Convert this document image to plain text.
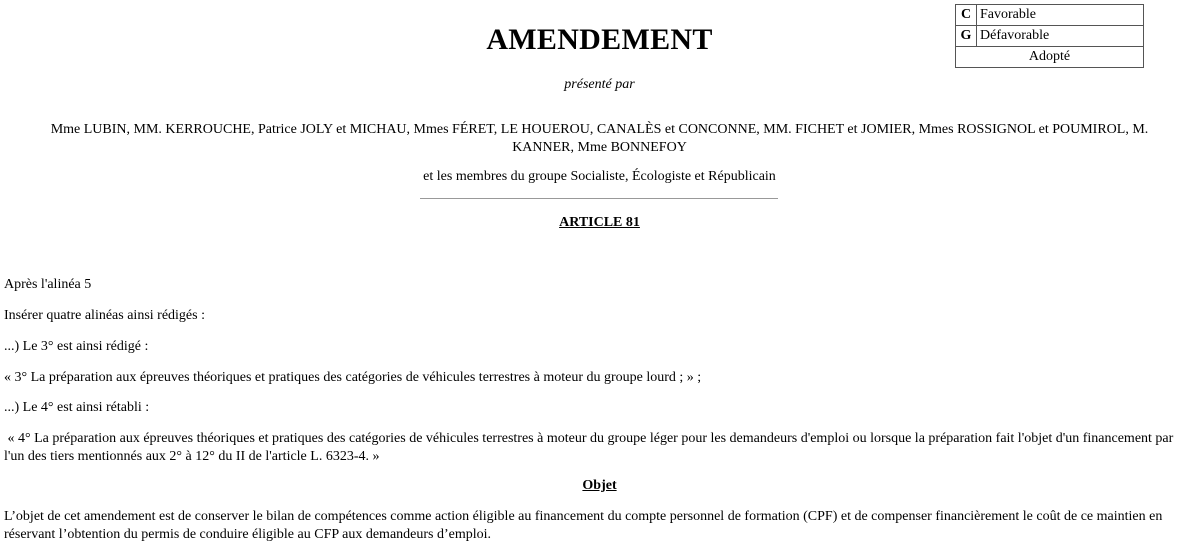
C	Favorable
G	Défavorable
Adopté	
AMENDEMENT
présenté par
Mme LUBIN, MM. KERROUCHE, Patrice JOLY et MICHAU, Mmes FÉRET, LE HOUEROU, CANALÈS et CONCONNE, MM. FICHET et JOMIER, Mmes ROSSIGNOL et POUMIROL, M. KANNER, Mme BONNEFOY
et les membres du groupe Socialiste, Écologiste et Républicain
ARTICLE 81

Après l'alinéa 5

Insérer quatre alinéas ainsi rédigés :

...) Le 3° est ainsi rédigé :

« 3° La préparation aux épreuves théoriques et pratiques des catégories de véhicules terrestres à moteur du groupe lourd ; » ;

...) Le 4° est ainsi rétabli :

« 4° La préparation aux épreuves théoriques et pratiques des catégories de véhicules terrestres à moteur du groupe léger pour les demandeurs d'emploi ou lorsque la préparation fait l'objet d'un financement par l'un des tiers mentionnés aux 2° à 12° du II de l'article L. 6323-4. »

Objet

L’objet de cet amendement est de conserver le bilan de compétences comme action éligible au financement du compte personnel de formation (CPF) et de compenser financièrement le coût de ce maintien en réservant l’obtention du permis de conduire éligible au CFP aux demandeurs d’emploi.
